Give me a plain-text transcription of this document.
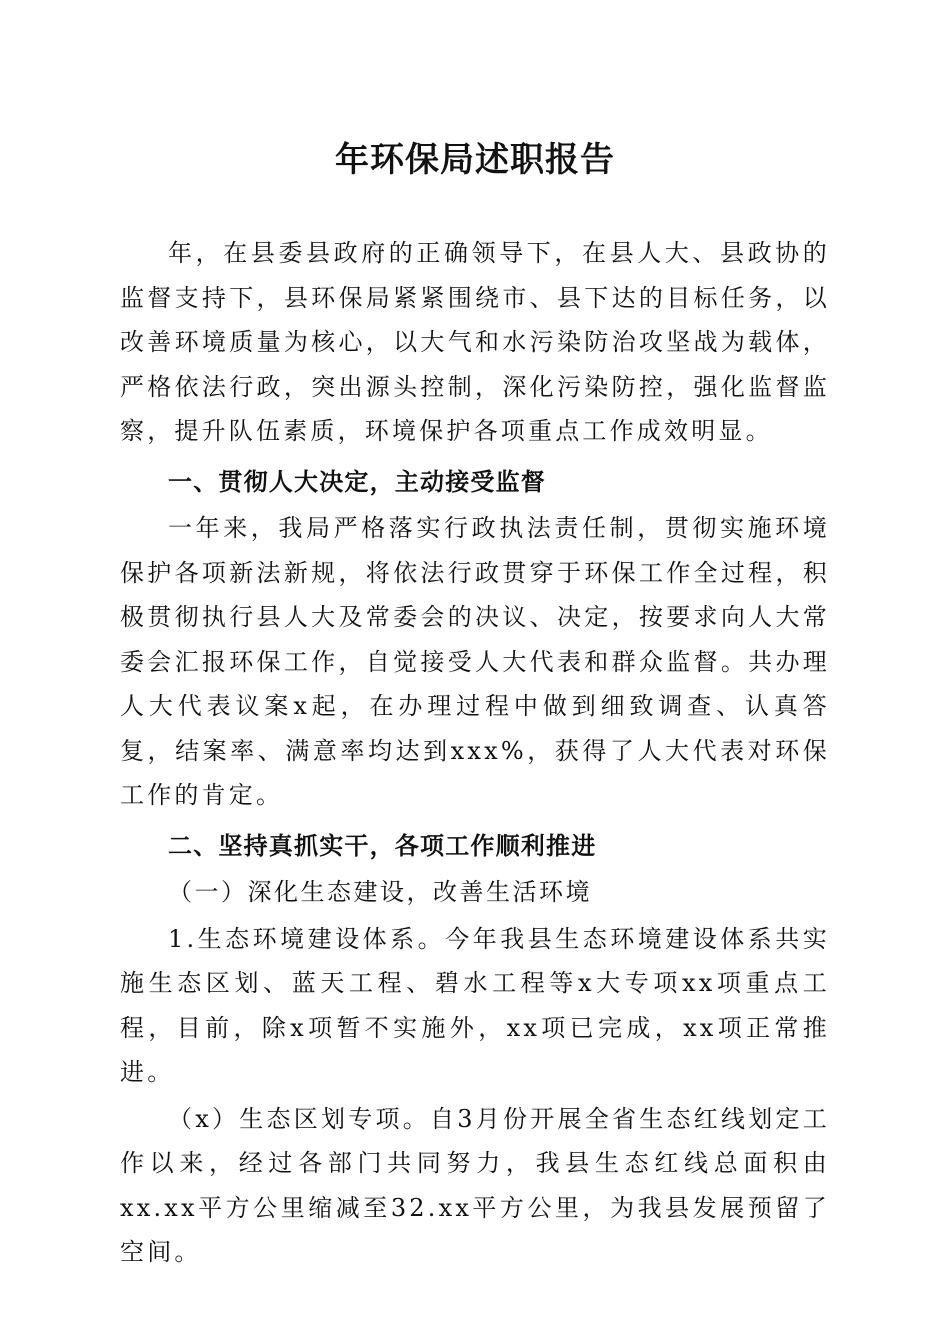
年环保局述职报告

年，在县委县政府的正确领导下，在县人大、县政协的监督支持下，县环保局紧紧围绕市、县下达的目标任务，以改善环境质量为核心，以大气和水污染防治攻坚战为载体，严格依法行政，突出源头控制，深化污染防控，强化监督监察，提升队伍素质，环境保护各项重点工作成效明显。

一、贯彻人大决定，主动接受监督

一年来，我局严格落实行政执法责任制，贯彻实施环境保护各项新法新规，将依法行政贯穿于环保工作全过程，积极贯彻执行县人大及常委会的决议、决定，按要求向人大常委会汇报环保工作，自觉接受人大代表和群众监督。共办理人大代表议案x起，在办理过程中做到细致调查、认真答复，结案率、满意率均达到xxx%，获得了人大代表对环保工作的肯定。

二、坚持真抓实干，各项工作顺利推进

（一）深化生态建设，改善生活环境

1.生态环境建设体系。今年我县生态环境建设体系共实施生态区划、蓝天工程、碧水工程等x大专项xx项重点工程，目前，除x项暂不实施外，xx项已完成，xx项正常推进。

（x）生态区划专项。自3月份开展全省生态红线划定工作以来，经过各部门共同努力，我县生态红线总面积由xx.xx平方公里缩减至32.xx平方公里，为我县发展预留了空间。
